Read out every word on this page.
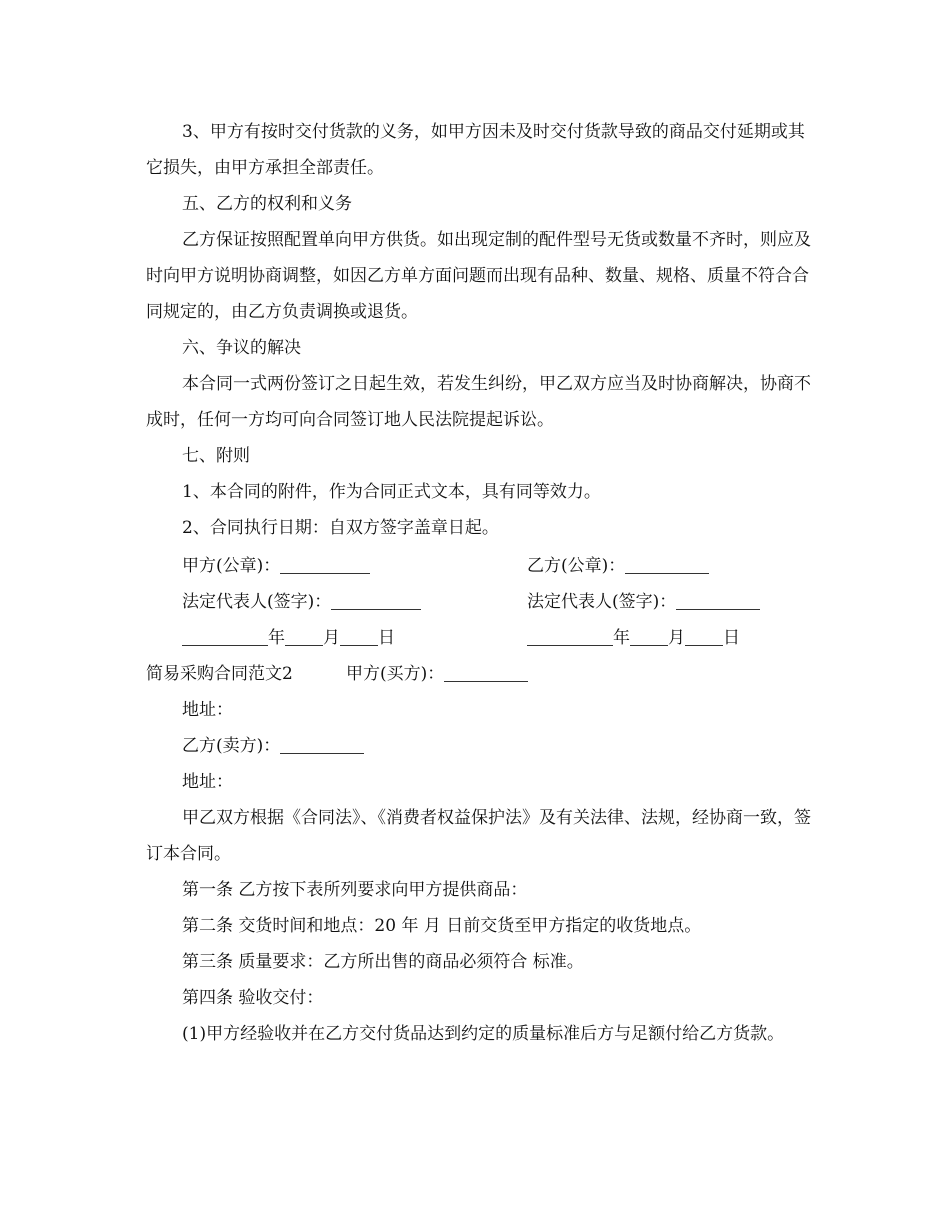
3、甲方有按时交付货款的义务，如甲方因未及时交付货款导致的商品交付延期或其它损失，由甲方承担全部责任。

五、乙方的权利和义务

乙方保证按照配置单向甲方供货。如出现定制的配件型号无货或数量不齐时，则应及时向甲方说明协商调整，如因乙方单方面问题而出现有品种、数量、规格、质量不符合合同规定的，由乙方负责调换或退货。

六、争议的解决

本合同一式两份签订之日起生效，若发生纠纷，甲乙双方应当及时协商解决，协商不成时，任何一方均可向合同签订地人民法院提起诉讼。

七、附则

1、本合同的附件，作为合同正式文本，具有同等效力。

2、合同执行日期：自双方签字盖章日起。

甲方(公章)：	乙方(公章)：

法定代表人(签字)：	法定代表人(签字)：

年 月 日	年 月 日

简易采购合同范文2	甲方(买方)：

地址：

乙方(卖方)：

地址：

甲乙双方根据《合同法》、《消费者权益保护法》及有关法律、法规，经协商一致，签订本合同。

第一条 乙方按下表所列要求向甲方提供商品：

第二条 交货时间和地点：20 年 月 日前交货至甲方指定的收货地点。

第三条 质量要求：乙方所出售的商品必须符合 标准。

第四条 验收交付：

(1)甲方经验收并在乙方交付货品达到约定的质量标准后方与足额付给乙方货款。
